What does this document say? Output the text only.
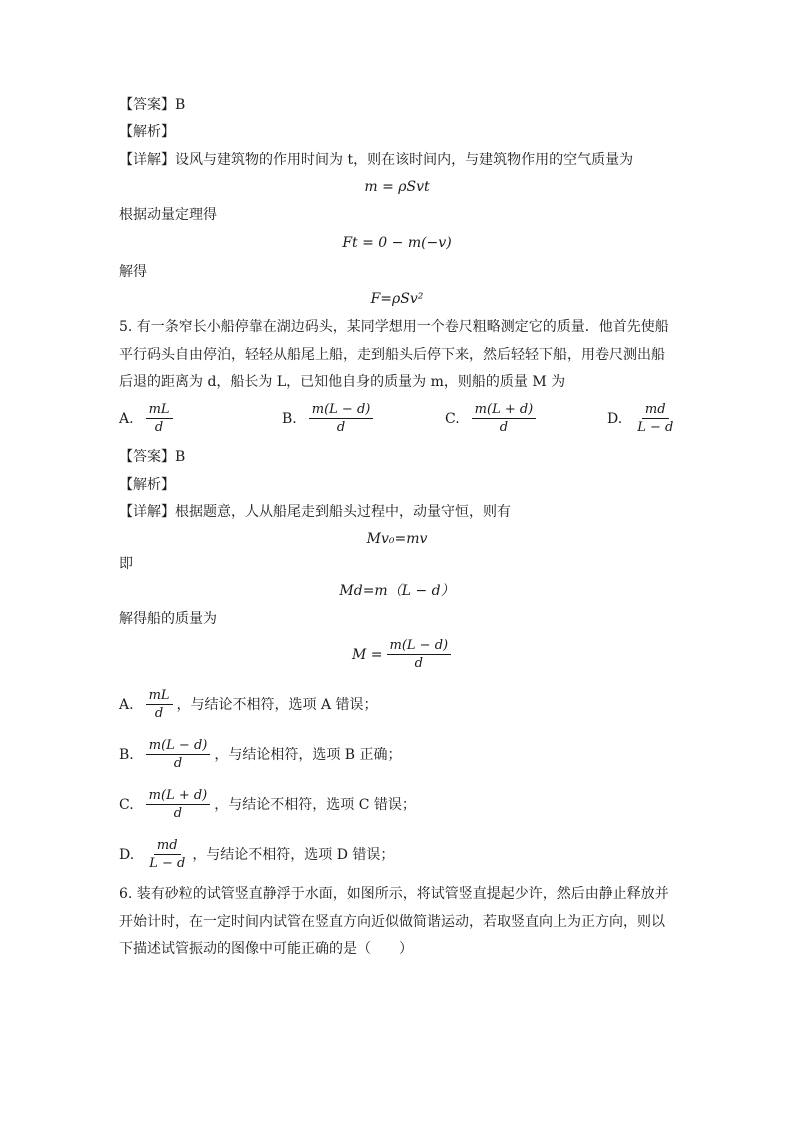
【答案】B
【解析】
【详解】设风与建筑物的作用时间为 t，则在该时间内，与建筑物作用的空气质量为
m = ρSvt
根据动量定理得
Ft = 0 − m(−v)
解得
F=ρSv²
5. 有一条窄长小船停靠在湖边码头，某同学想用一个卷尺粗略测定它的质量．他首先使船
平行码头自由停泊，轻轻从船尾上船，走到船头后停下来，然后轻轻下船，用卷尺测出船
后退的距离为 d，船长为 L，已知他自身的质量为 m，则船的质量 M 为
A. $\frac{mL}{d}$	B. $\frac{m(L - d)}{d}$	C. $\frac{m(L + d)}{d}$	D. $\frac{md}{L - d}$
【答案】B
【解析】
【详解】根据题意，人从船尾走到船头过程中，动量守恒，则有
Mv₀=mv
即
Md=m（L − d）
解得船的质量为
$M = \frac{m(L - d)}{d}$
A. $\frac{mL}{d}$ ，与结论不相符，选项 A 错误；
B. $\frac{m(L - d)}{d}$ ，与结论相符，选项 B 正确；
C. $\frac{m(L + d)}{d}$ ，与结论不相符，选项 C 错误；
D. $\frac{md}{L - d}$ ，与结论不相符，选项 D 错误；
6. 装有砂粒的试管竖直静浮于水面，如图所示，将试管竖直提起少许，然后由静止释放并
开始计时，在一定时间内试管在竖直方向近似做简谐运动，若取竖直向上为正方向，则以
下描述试管振动的图像中可能正确的是（　　）
